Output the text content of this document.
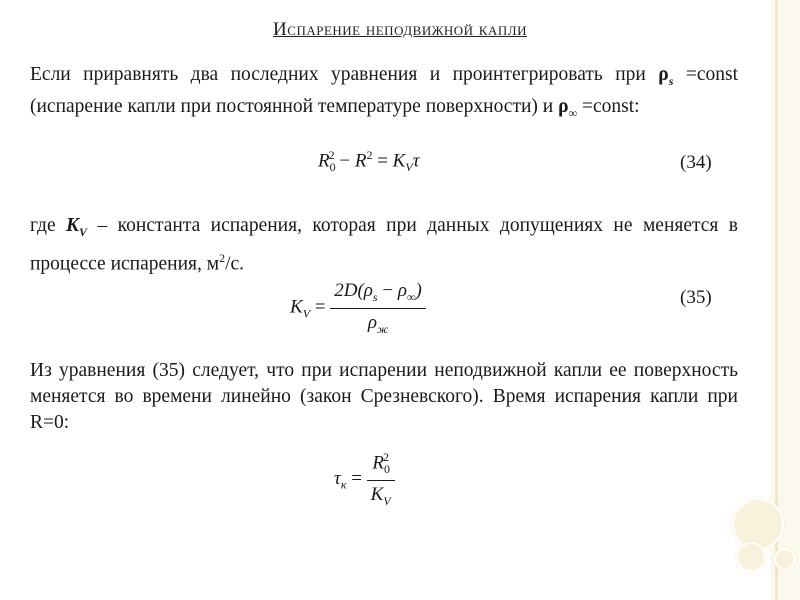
Испарение неподвижной капли
Если приравнять два последних уравнения и проинтегрировать при $\rho_s$ =const (испарение капли при постоянной температуре поверхности) и $\rho_\infty$ =const:
$R_0^2 - R^2 = K_V\tau$	(34)
где $K_V$ – константа испарения, которая при данных допущениях не меняется в процессе испарения, $м^2/с$.
$K_V = \frac{2D(\rho_s - \rho_\infty)}{\rho_ж}$	(35)
Из уравнения (35) следует, что при испарении неподвижной капли ее поверхность меняется во времени линейно (закон Срезневского). Время испарения капли при R=0:
$\tau_к = \frac{R_0^2}{K_V}$
